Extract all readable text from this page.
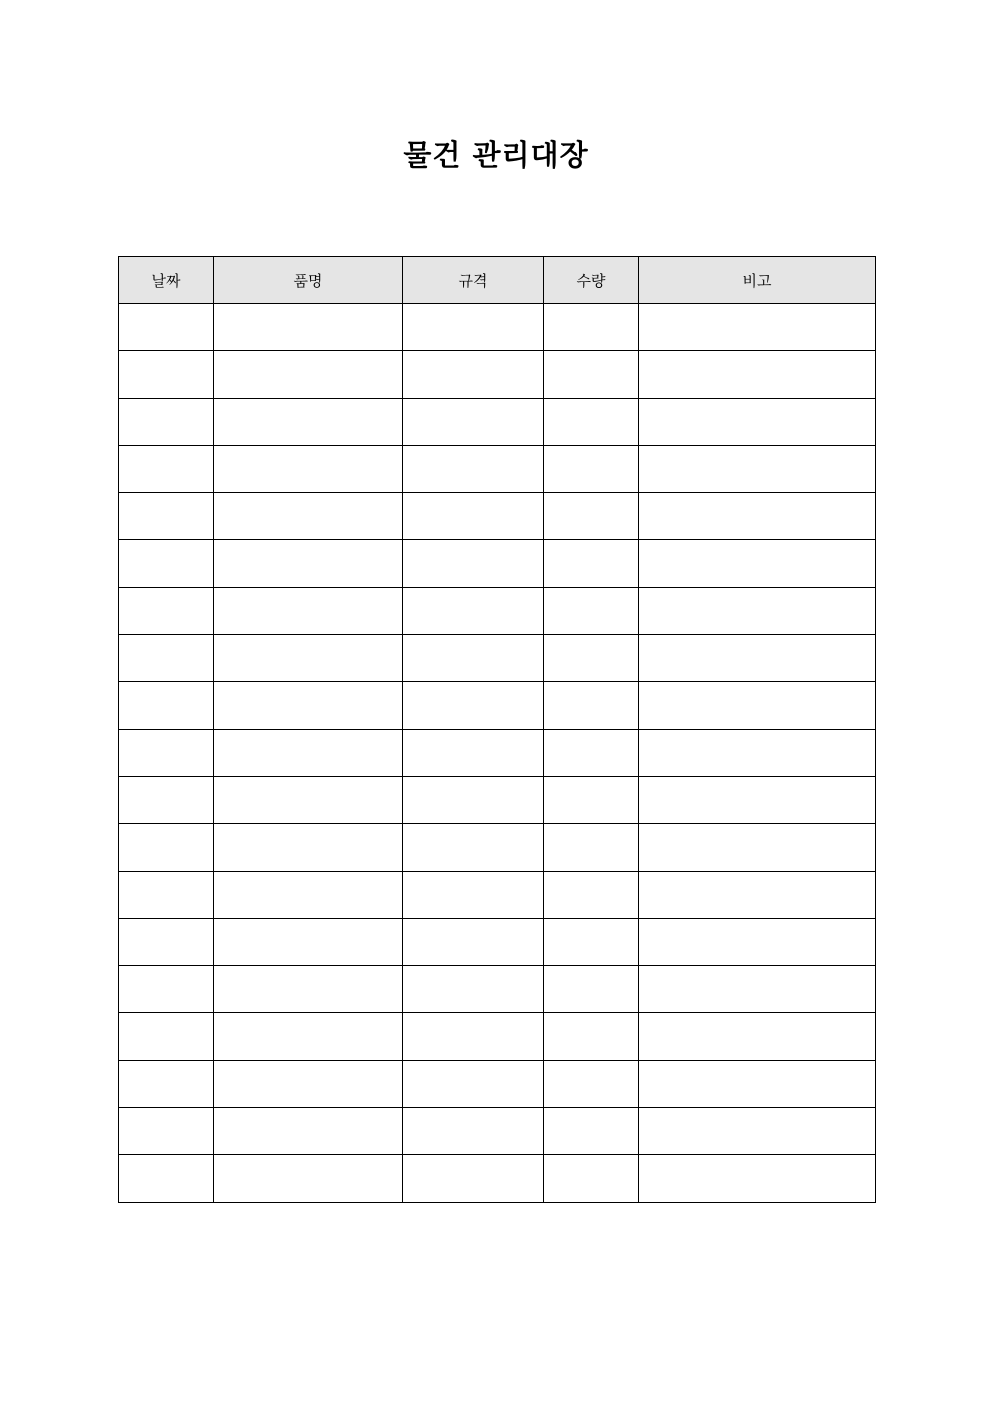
물건 관리대장
날짜	품명	규격	수량	비고
